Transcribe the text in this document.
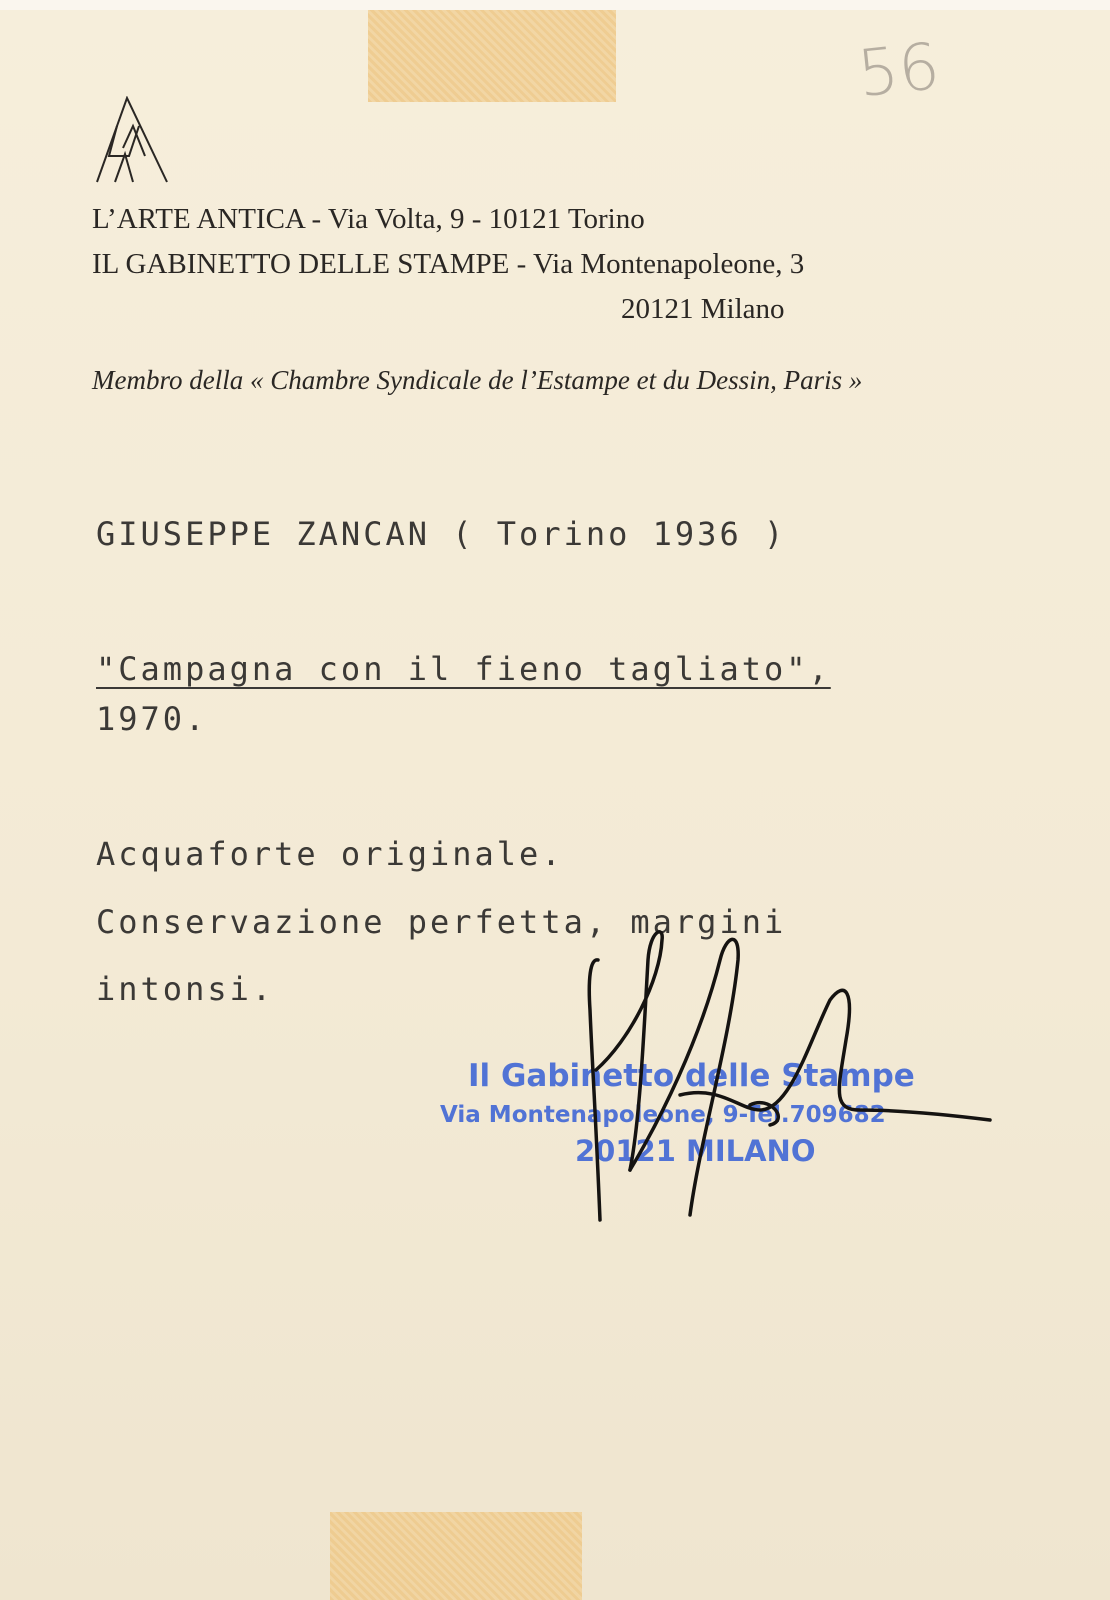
56
L’ARTE ANTICA - Via Volta, 9 - 10121 Torino
IL GABINETTO DELLE STAMPE - Via Montenapoleone, 3
20121 Milano
Membro della « Chambre Syndicale de l’Estampe et du Dessin, Paris »
GIUSEPPE ZANCAN ( Torino 1936 )
"Campagna con il fieno tagliato",
1970.
Acquaforte originale.
Conservazione perfetta, margini
intonsi.
Il Gabinetto delle Stampe
Via Montenapoleone, 9-Tel.709682
20121 MILANO
